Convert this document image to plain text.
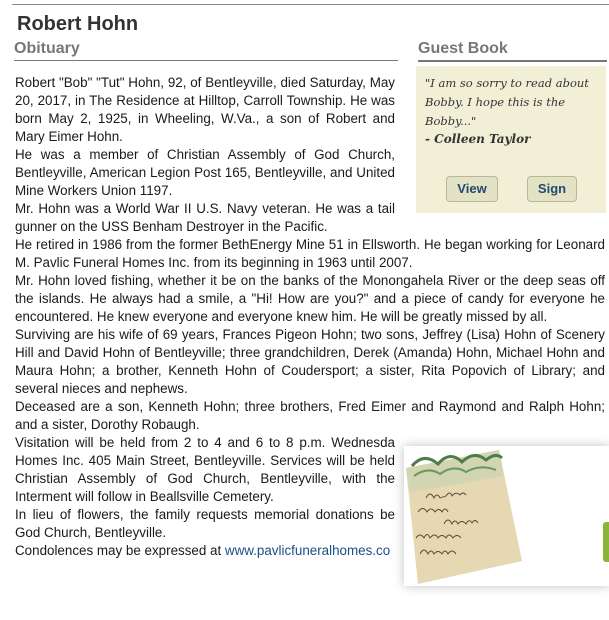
Robert Hohn
Obituary	Guest Book
"I am so sorry to read about Bobby. I hope this is the Bobby..."
- Colleen Taylor
View	Sign

Robert "Bob" "Tut" Hohn, 92, of Bentleyville, died Saturday, May 20, 2017, in The Residence at Hilltop, Carroll Township. He was born May 2, 1925, in Wheeling, W.Va., a son of Robert and Mary Eimer Hohn.

He was a member of Christian Assembly of God Church, Bentleyville, American Legion Post 165, Bentleyville, and United Mine Workers Union 1197.

Mr. Hohn was a World War II U.S. Navy veteran. He was a tail gunner on the USS Benham Destroyer in the Pacific.

He retired in 1986 from the former BethEnergy Mine 51 in Ellsworth. He began working for Leonard M. Pavlic Funeral Homes Inc. from its beginning in 1963 until 2007.

Mr. Hohn loved fishing, whether it be on the banks of the Monongahela River or the deep seas off the islands. He always had a smile, a "Hi! How are you?" and a piece of candy for everyone he encountered. He knew everyone and everyone knew him. He will be greatly missed by all.

Surviving are his wife of 69 years, Frances Pigeon Hohn; two sons, Jeffrey (Lisa) Hohn of Scenery Hill and David Hohn of Bentleyville; three grandchildren, Derek (Amanda) Hohn, Michael Hohn and Maura Hohn; a brother, Kenneth Hohn of Coudersport; a sister, Rita Popovich of Library; and several nieces and nephews.

Deceased are a son, Kenneth Hohn; three brothers, Fred Eimer and Raymond and Ralph Hohn; and a sister, Dorothy Robaugh.

Visitation will be held from 2 to 4 and 6 to 8 p.m. Wednesda Homes Inc. 405 Main Street, Bentleyville. Services will be held Christian Assembly of God Church, Bentleyville, with the Interment will follow in Beallsville Cemetery.

In lieu of flowers, the family requests memorial donations be God Church, Bentleyville.

Condolences may be expressed at www.pavlicfuneralhomes.co
